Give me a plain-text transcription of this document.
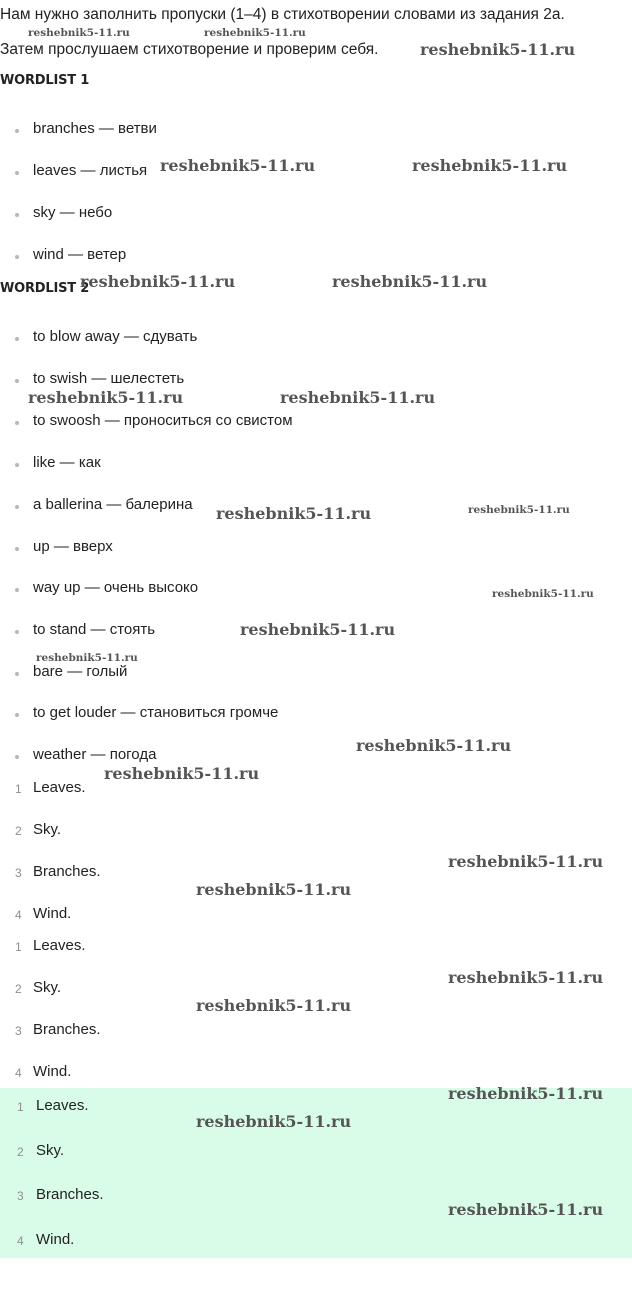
Нам нужно заполнить пропуски (1–4) в стихотворении словами из задания 2a.
Затем прослушаем стихотворение и проверим себя.
WORDLIST 1
branches — ветви
leaves — листья
sky — небо
wind — ветер
WORDLIST 2
to blow away — сдувать
to swish — шелестеть
to swoosh — проноситься со свистом
like — как
a ballerina — балерина
up — вверх
way up — очень высоко
to stand — стоять
bare — голый
to get louder — становиться громче
weather — погода
1 Leaves.
2 Sky.
3 Branches.
4 Wind.
1 Leaves.
2 Sky.
3 Branches.
4 Wind.
1 Leaves.
2 Sky.
3 Branches.
4 Wind.
reshebnik5-11.ru
reshebnik5-11.ru	reshebnik5-11.ru
reshebnik5-11.ru	reshebnik5-11.ru
reshebnik5-11.ru	reshebnik5-11.ru
reshebnik5-11.ru	reshebnik5-11.ru
reshebnik5-11.ru	reshebnik5-11.ru
reshebnik5-11.ru
reshebnik5-11.ru
reshebnik5-11.ru
reshebnik5-11.ru
reshebnik5-11.ru
reshebnik5-11.ru
reshebnik5-11.ru
reshebnik5-11.ru
reshebnik5-11.ru
reshebnik5-11.ru
reshebnik5-11.ru
reshebnik5-11.ru
